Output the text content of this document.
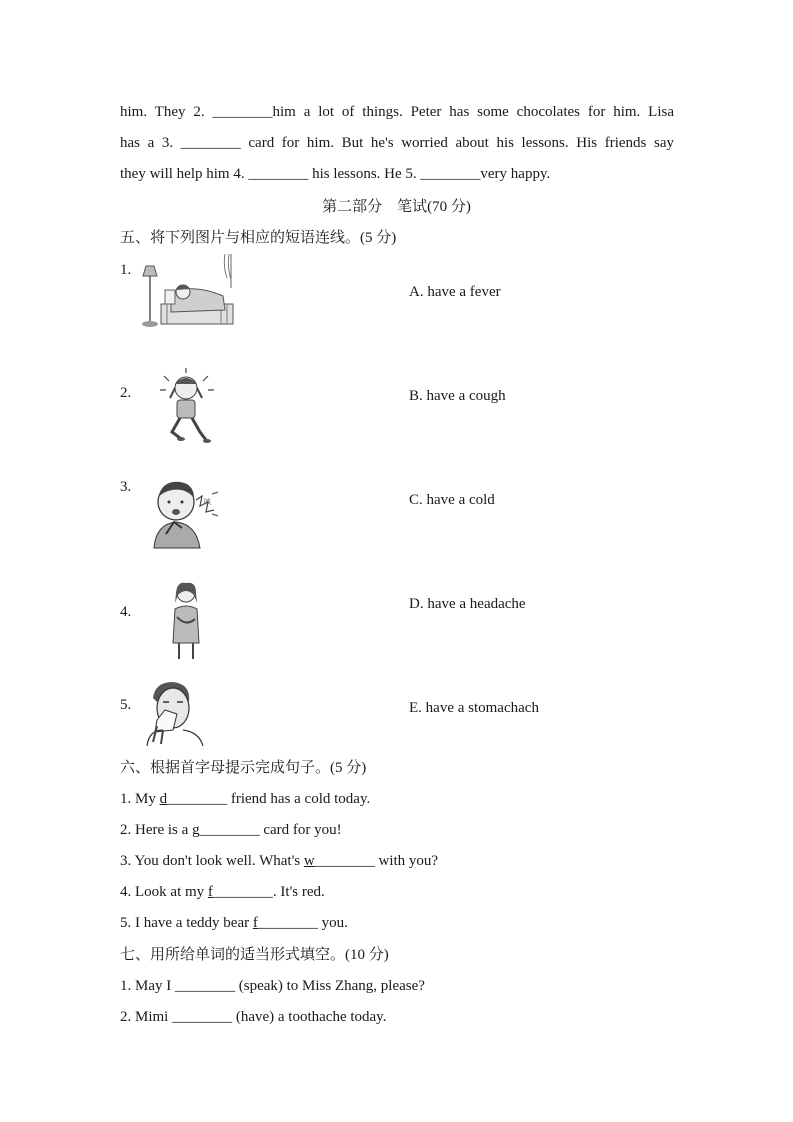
him. They 2. ________him a lot of things. Peter has some chocolates for him. Lisa
has a 3. ________ card for him. But he's worried about his lessons. His friends say
they will help him 4. ________ his lessons. He 5. ________very happy.
第二部分　笔试(70 分)
五、将下列图片与相应的短语连线。(5 分)
1.
2.
3.
4.
5.
A. have a fever
B. have a cough
C. have a cold
D. have a headache
E. have a stomachach
咳
六、根据首字母提示完成句子。(5 分)
1. My d________ friend has a cold today.
2. Here is a g________ card for you!
3. You don't look well. What's w________ with you?
4. Look at my f________. It's red.
5. I have a teddy bear f________ you.
七、用所给单词的适当形式填空。(10 分)
1. May I ________ (speak) to Miss Zhang, please?
2. Mimi ________ (have) a toothache today.
